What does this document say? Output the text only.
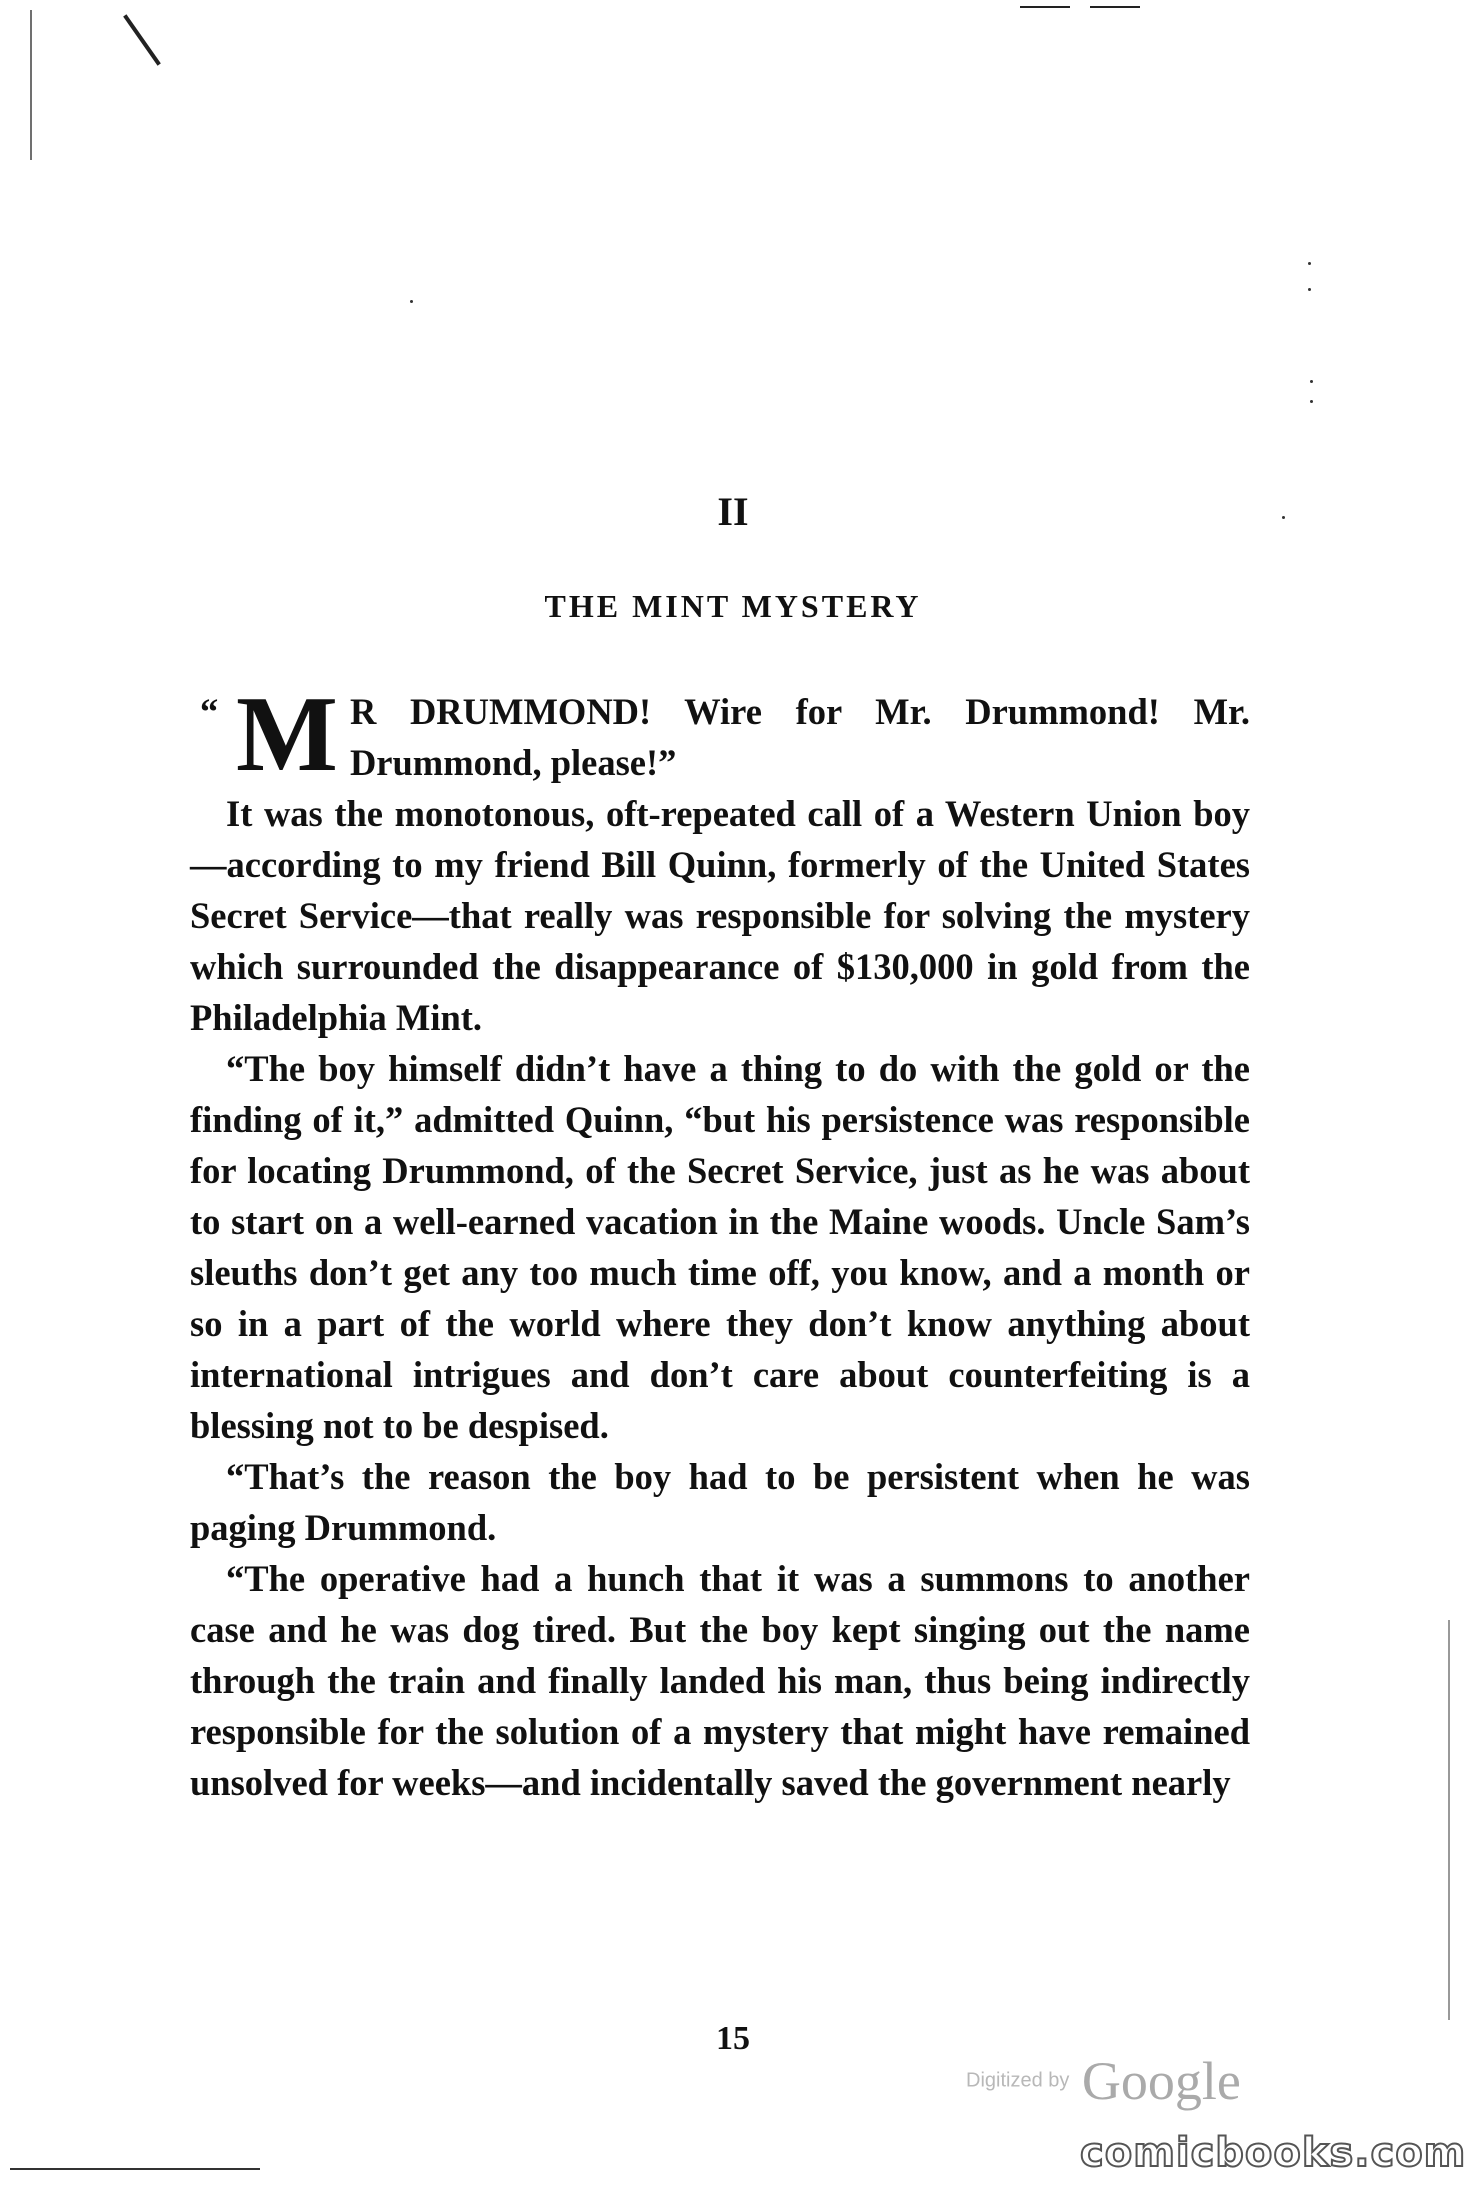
II
THE MINT MYSTERY
“ M R DRUMMOND! Wire for Mr. Drummond! Mr. Drummond, please!”

It was the monotonous, oft-repeated call of a Western Union boy—according to my friend Bill Quinn, formerly of the United States Secret Service—that really was responsible for solving the mystery which surrounded the disappearance of $130,000 in gold from the Philadelphia Mint.

“The boy himself didn’t have a thing to do with the gold or the finding of it,” admitted Quinn, “but his persistence was responsible for locating Drummond, of the Secret Service, just as he was about to start on a well-earned vacation in the Maine woods. Uncle Sam’s sleuths don’t get any too much time off, you know, and a month or so in a part of the world where they don’t know anything about international intrigues and don’t care about counterfeiting is a blessing not to be despised.

“That’s the reason the boy had to be persistent when he was paging Drummond.

“The operative had a hunch that it was a summons to another case and he was dog tired. But the boy kept singing out the name through the train and finally landed his man, thus being indirectly responsible for the solution of a mystery that might have remained unsolved for weeks—and incidentally saved the government nearly

15
Digitized by Google
comicbooks.com
